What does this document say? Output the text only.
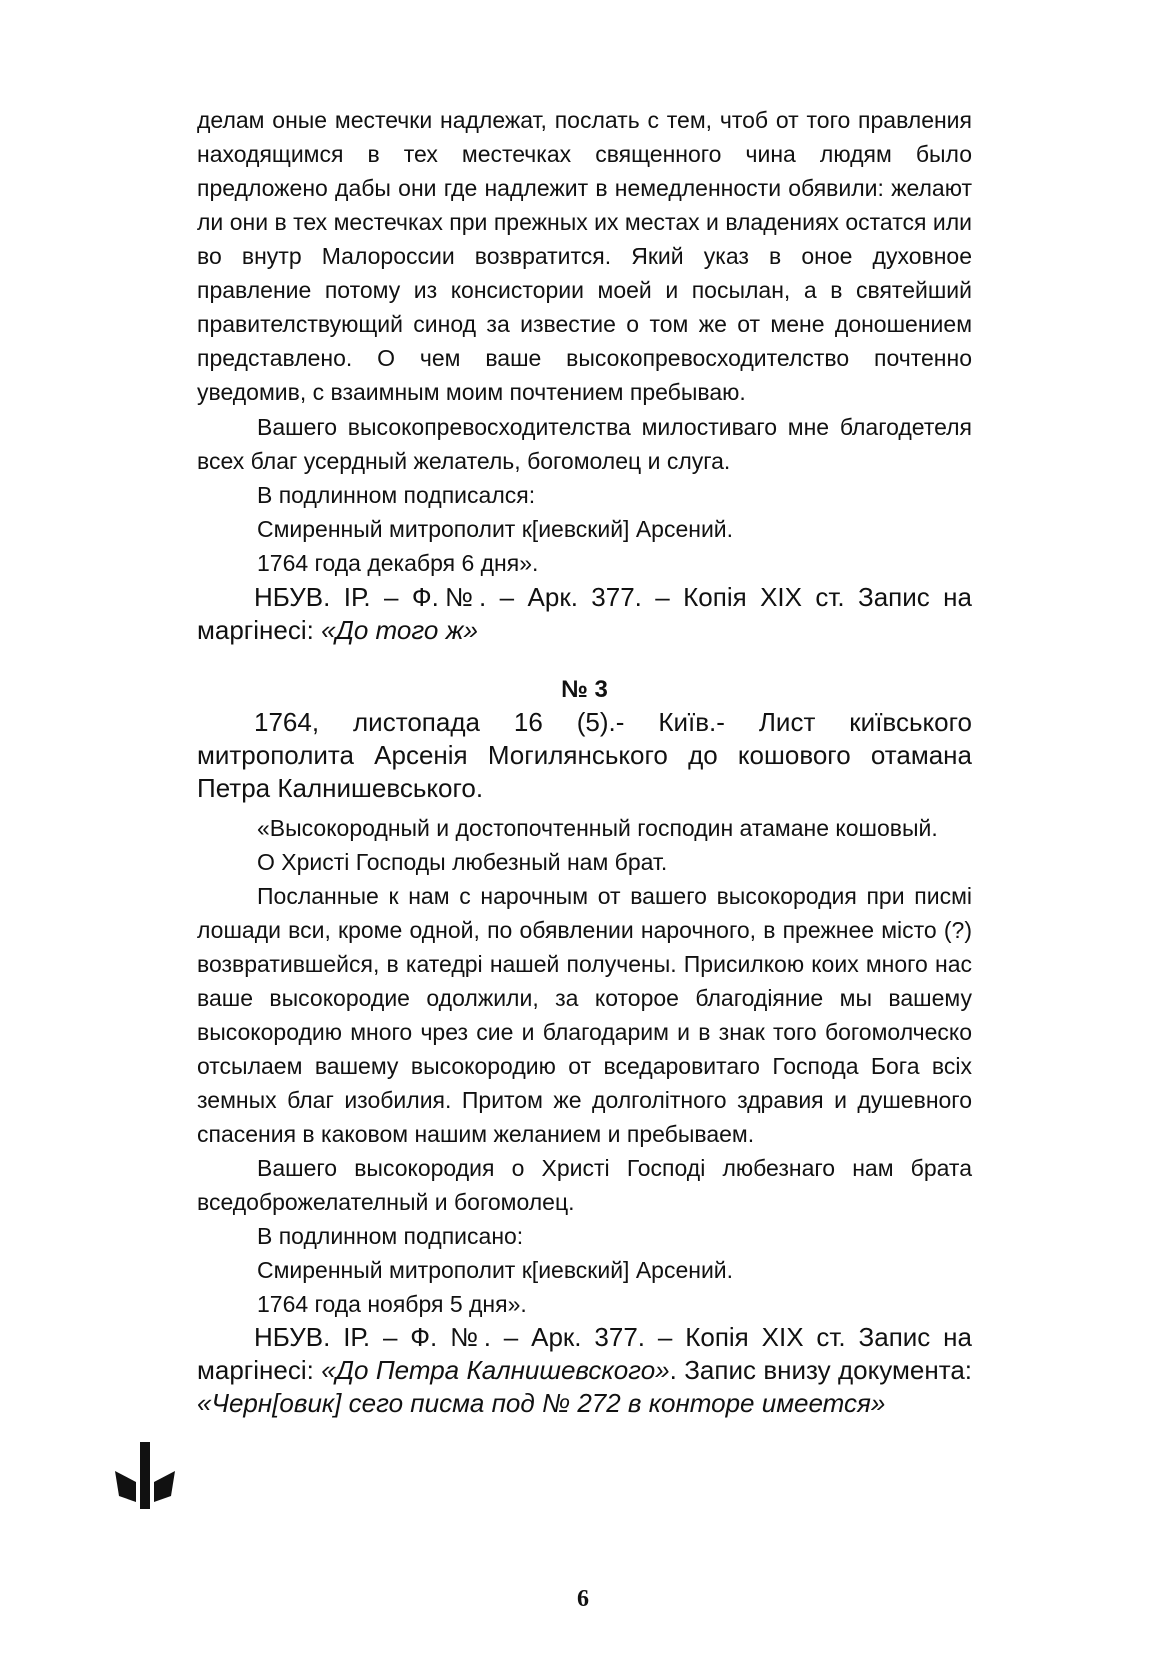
делам оные местечки надлежат, послать с тем, чтоб от того правления находящимся в тех местечках священного чина людям было предложено дабы они где надлежит в немедленности обявили: желают ли они в тех местечках при прежных их местах и владениях остатся или во внутр Малороссии возвратится. Який указ в оное духовное правление потому из консистории моей и посылан, а в святейший правителствующий синод за известие о том же от мене доношением представлено. О чем ваше высокопревосходителство почтенно уведомив, с взаимным моим почтением пребываю.

Вашего высокопревосходителства милостиваго мне благодетеля всех благ усердный желатель, богомолец и слуга.

В подлинном подписался:

Смиренный митрополит к[иевский] Арсений.

1764 года декабря 6 дня».

НБУВ. ІР. – Ф.№. – Арк. 377. – Копія XIX ст. Запис на маргінесі: «До того ж»

№ 3

1764, листопада 16 (5).- Київ.- Лист київського митрополита Арсенія Могилянського до кошового отамана Петра Калнишевського.

«Высокородный и достопочтенный господин атамане кошовый.

О Христі Господы любезный нам брат.

Посланные к нам с нарочным от вашего высокородия при писмі лошади вси, кроме одной, по обявлении нарочного, в прежнее місто (?) возвратившейся, в катедрі нашей получены. Присилкою коих много нас ваше высокородие одолжили, за которое благодіяние мы вашему высокородию много чрез сие и благодарим и в знак того богомолческо отсылаем вашему высокородию от вседаровитаго Господа Бога всіх земных благ изобилия. Притом же долголітного здравия и душевного спасения в каковом нашим желанием и пребываем.

Вашего высокородия о Христі Господі любезнаго нам брата вседоброжелателный и богомолец.

В подлинном подписано:

Смиренный митрополит к[иевский] Арсений.

1764 года ноября 5 дня».

НБУВ. ІР. – Ф. №. – Арк. 377. – Копія XIX ст. Запис на маргінесі: «До Петра Калнишевского». Запис внизу документа: «Черн[овик] сего писма под № 272 в конторе имеется»

6
